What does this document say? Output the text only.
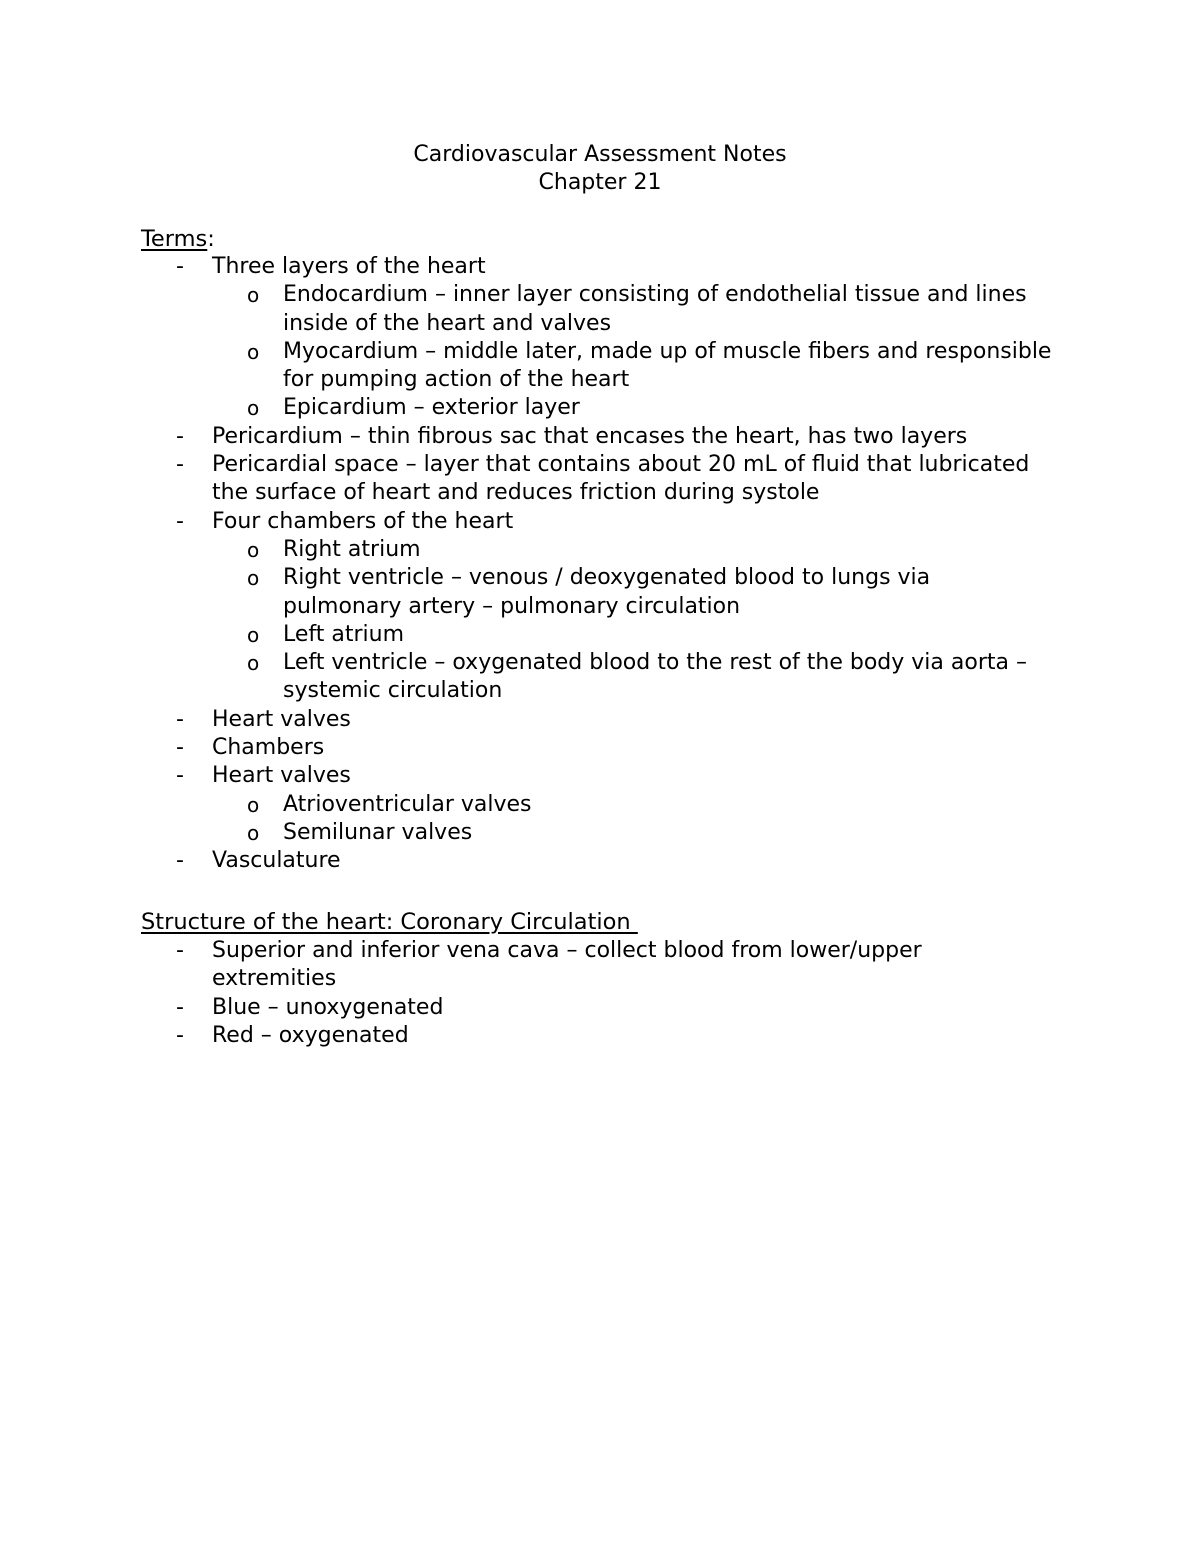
Cardiovascular Assessment Notes
Chapter 21
Terms:
- Three layers of the heart
o Endocardium – inner layer consisting of endothelial tissue and lines inside of the heart and valves
o Myocardium – middle later, made up of muscle fibers and responsible for pumping action of the heart
o Epicardium – exterior layer
- Pericardium – thin fibrous sac that encases the heart, has two layers
- Pericardial space – layer that contains about 20 mL of fluid that lubricated the surface of heart and reduces friction during systole
- Four chambers of the heart
o Right atrium
o Right ventricle – venous / deoxygenated blood to lungs via pulmonary artery – pulmonary circulation
o Left atrium
o Left ventricle – oxygenated blood to the rest of the body via aorta – systemic circulation
- Heart valves
- Chambers
- Heart valves
o Atrioventricular valves
o Semilunar valves
- Vasculature
Structure of the heart: Coronary Circulation
- Superior and inferior vena cava – collect blood from lower/upper extremities
- Blue – unoxygenated
- Red – oxygenated
